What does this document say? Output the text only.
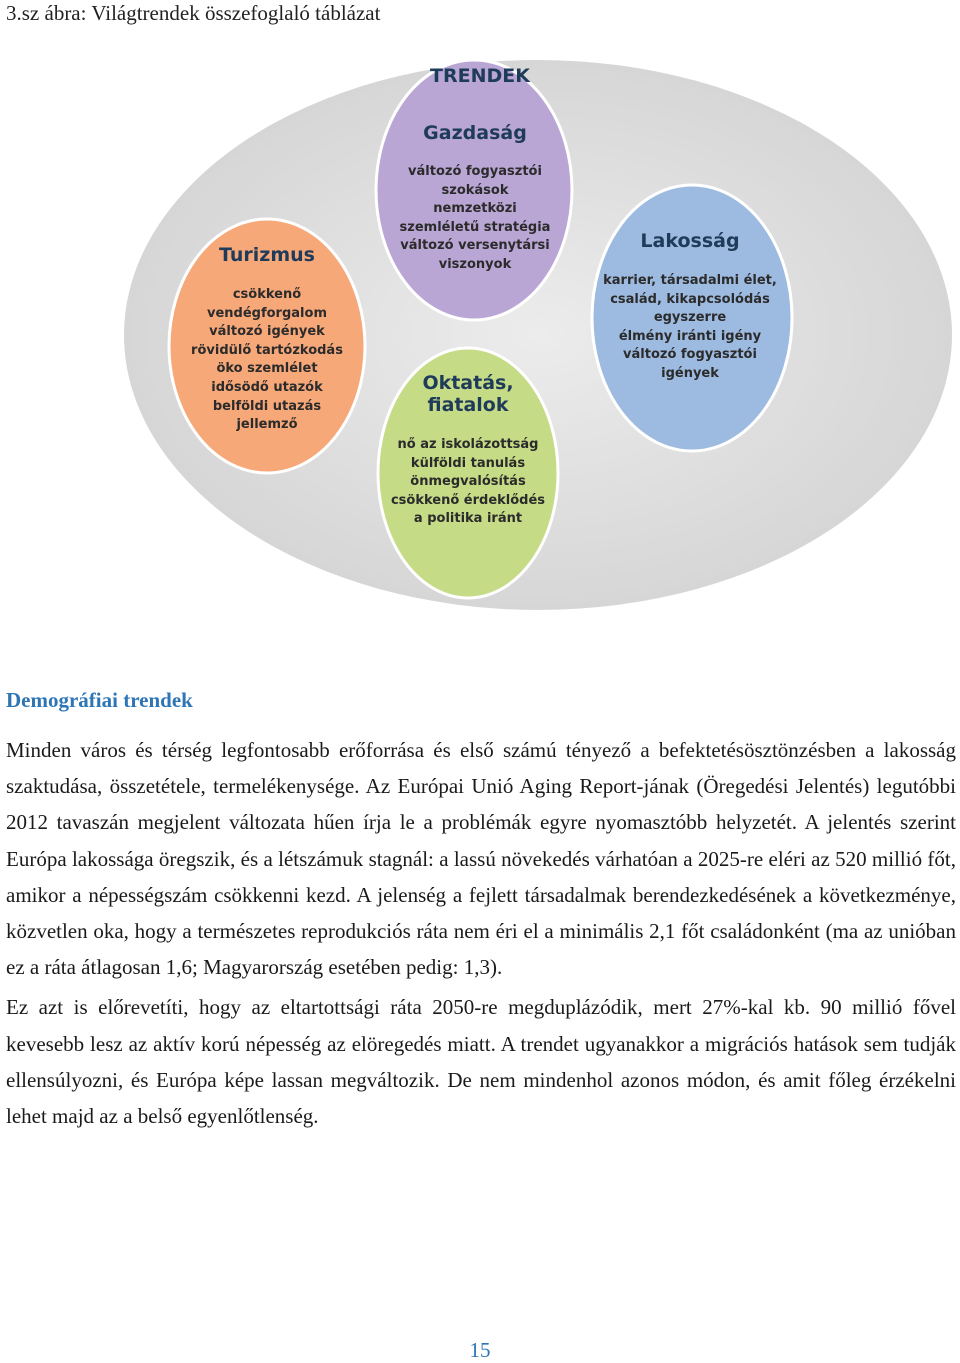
3.sz ábra: Világtrendek összefoglaló táblázat
TRENDEK
Gazdaság
változó fogyasztói
szokások
nemzetközi
szemléletű stratégia
változó versenytársi
viszonyok
Turizmus
csökkenő
vendégforgalom
változó igények
rövidülő tartózkodás
öko szemlélet
idősödő utazók
belföldi utazás
jellemző
Lakosság
karrier, társadalmi élet,
család, kikapcsolódás
egyszerre
élmény iránti igény
változó fogyasztói
igények
Oktatás,
fiatalok
nő az iskolázottság
külföldi tanulás
önmegvalósítás
csökkenő érdeklődés
a politika iránt
Demográfiai trendek

Minden város és térség legfontosabb erőforrása és első számú tényező a befektetésösztönzésben a lakosság szaktudása, összetétele, termelékenysége. Az Európai Unió Aging Report-jának (Öregedési Jelentés) legutóbbi 2012 tavaszán megjelent változata hűen írja le a problémák egyre nyomasztóbb helyzetét. A jelentés szerint Európa lakossága öregszik, és a létszámuk stagnál: a lassú növekedés várhatóan a 2025-re eléri az 520 millió főt, amikor a népességszám csökkenni kezd. A jelenség a fejlett társadalmak berendezkedésének a következménye, közvetlen oka, hogy a természetes reprodukciós ráta nem éri el a minimális 2,1 főt családonként (ma az unióban ez a ráta átlagosan 1,6; Magyarország esetében pedig: 1,3).

Ez azt is előrevetíti, hogy az eltartottsági ráta 2050-re megduplázódik, mert 27%-kal kb. 90 millió fővel kevesebb lesz az aktív korú népesség az elöregedés miatt. A trendet ugyanakkor a migrációs hatások sem tudják ellensúlyozni, és Európa képe lassan megváltozik. De nem mindenhol azonos módon, és amit főleg érzékelni lehet majd az a belső egyenlőtlenség.

15
